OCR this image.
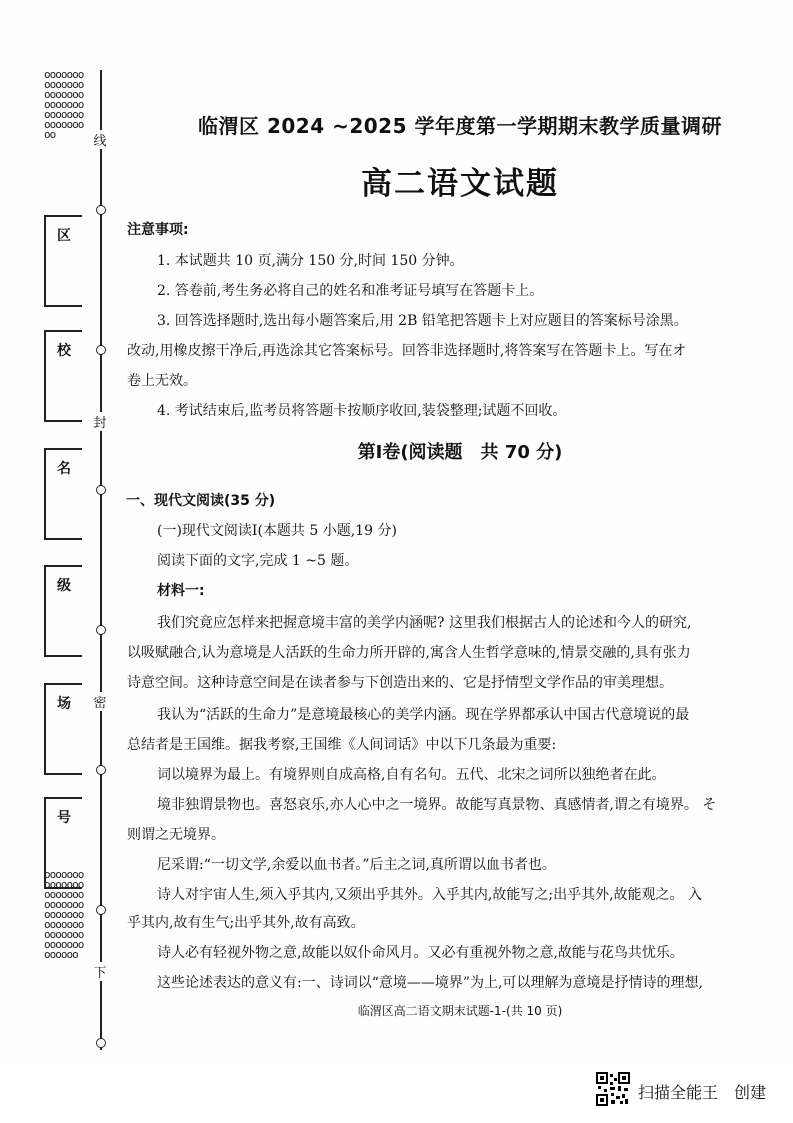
oooooooooooooooooooooooooooooooooooooooooooo
oooooooooooooooooooooooooooooooooooooooooooooooooooooooooooooo
线
封
密
下
区
校
名
级
场
号
临渭区 2024 ~2025 学年度第一学期期末教学质量调研
高二语文试题
注意事项:
1. 本试题共 10 页,满分 150 分,时间 150 分钟。
2. 答卷前,考生务必将自己的姓名和准考证号填写在答题卡上。
3. 回答选择题时,选出每小题答案后,用 2B 铅笔把答题卡上对应题目的答案标号涂黑。
改动,用橡皮擦干净后,再选涂其它答案标号。回答非选择题时,将答案写在答题卡上。写在オ
卷上无效。
4. 考试结束后,监考员将答题卡按顺序收回,装袋整理;试题不回收。
第Ⅰ卷(阅读题　共 70 分)
一、现代文阅读(35 分)
(一)现代文阅读Ⅰ(本题共 5 小题,19 分)
阅读下面的文字,完成 1 ~5 题。
材料一:
我们究竟应怎样来把握意境丰富的美学内涵呢? 这里我们根据古人的论述和今人的研究,
以吸赋融合,认为意境是人活跃的生命力所开辟的,寓含人生哲学意味的,情景交融的,具有张力
诗意空间。这种诗意空间是在读者参与下创造出来的、它是抒情型文学作品的审美理想。
我认为“活跃的生命力”是意境最核心的美学内涵。现在学界都承认中国古代意境说的最
总结者是王国维。据我考察,王国维《人间词话》中以下几条最为重要:
词以境界为最上。有境界则自成高格,自有名句。五代、北宋之词所以独绝者在此。
境非独谓景物也。喜怒哀乐,亦人心中之一境界。故能写真景物、真感情者,谓之有境界。 そ
则谓之无境界。
尼采谓:“一切文学,余爱以血书者。”后主之词,真所谓以血书者也。
诗人对宇宙人生,须入乎其内,又须出乎其外。入乎其内,故能写之;出乎其外,故能观之。 入
乎其内,故有生气;出乎其外,故有高致。
诗人必有轻视外物之意,故能以奴仆命风月。又必有重视外物之意,故能与花鸟共忧乐。
这些论述表达的意义有:一、诗词以“意境——境界”为上,可以理解为意境是抒情诗的理想,
临渭区高二语文期末试题-1-(共 10 页)
扫描全能王　创建
